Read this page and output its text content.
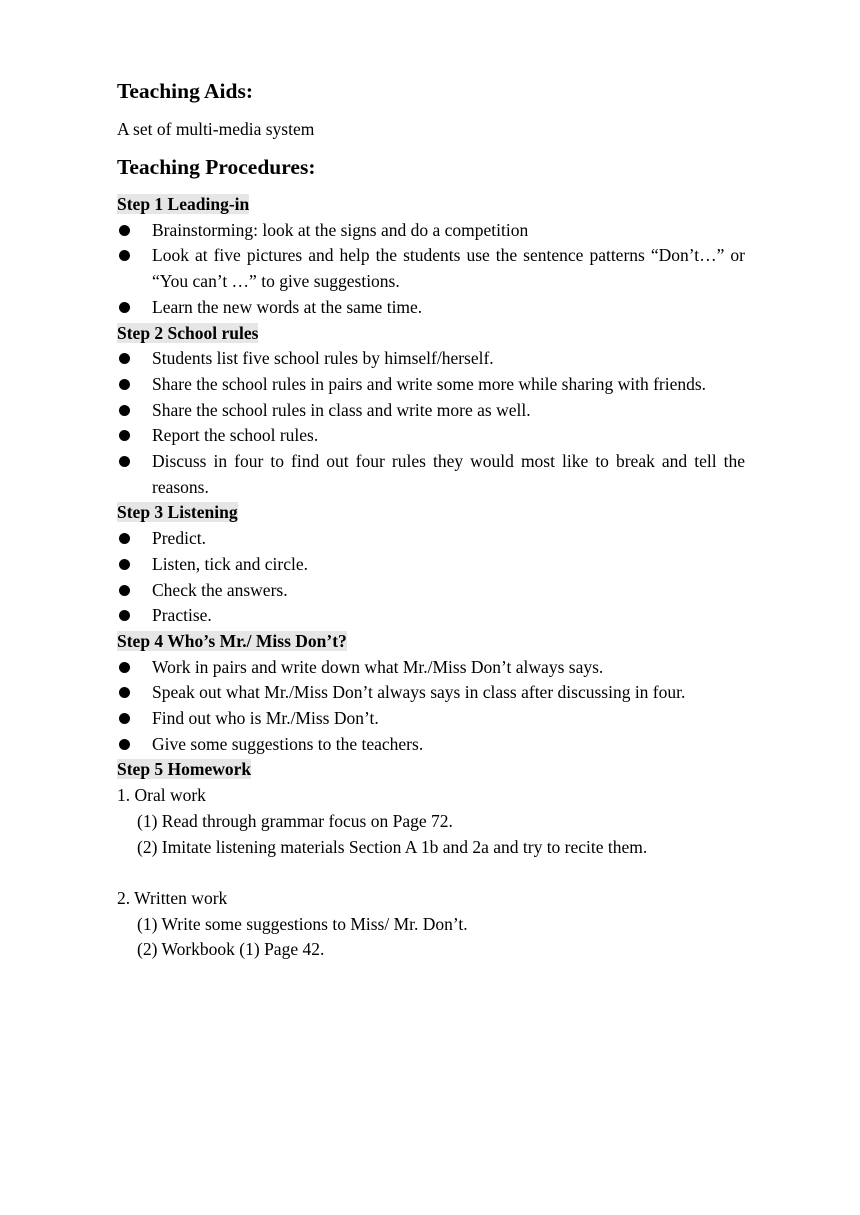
Teaching Aids:

A set of multi-media system

Teaching Procedures:

Step 1 Leading-in

Brainstorming: look at the signs and do a competition
Look at five pictures and help the students use the sentence patterns “Don’t…” or “You can’t …” to give suggestions.
Learn the new words at the same time.

Step 2 School rules

Students list five school rules by himself/herself.
Share the school rules in pairs and write some more while sharing with friends.
Share the school rules in class and write more as well.
Report the school rules.
Discuss in four to find out four rules they would most like to break and tell the reasons.

Step 3 Listening

Predict.
Listen, tick and circle.
Check the answers.
Practise.

Step 4 Who’s Mr./ Miss Don’t?

Work in pairs and write down what Mr./Miss Don’t always says.
Speak out what Mr./Miss Don’t always says in class after discussing in four.
Find out who is Mr./Miss Don’t.
Give some suggestions to the teachers.

Step 5 Homework

1. Oral work

(1) Read through grammar focus on Page 72.

(2) Imitate listening materials Section A 1b and 2a and try to recite them.

2. Written work

(1) Write some suggestions to Miss/ Mr. Don’t.

(2) Workbook (1) Page 42.
